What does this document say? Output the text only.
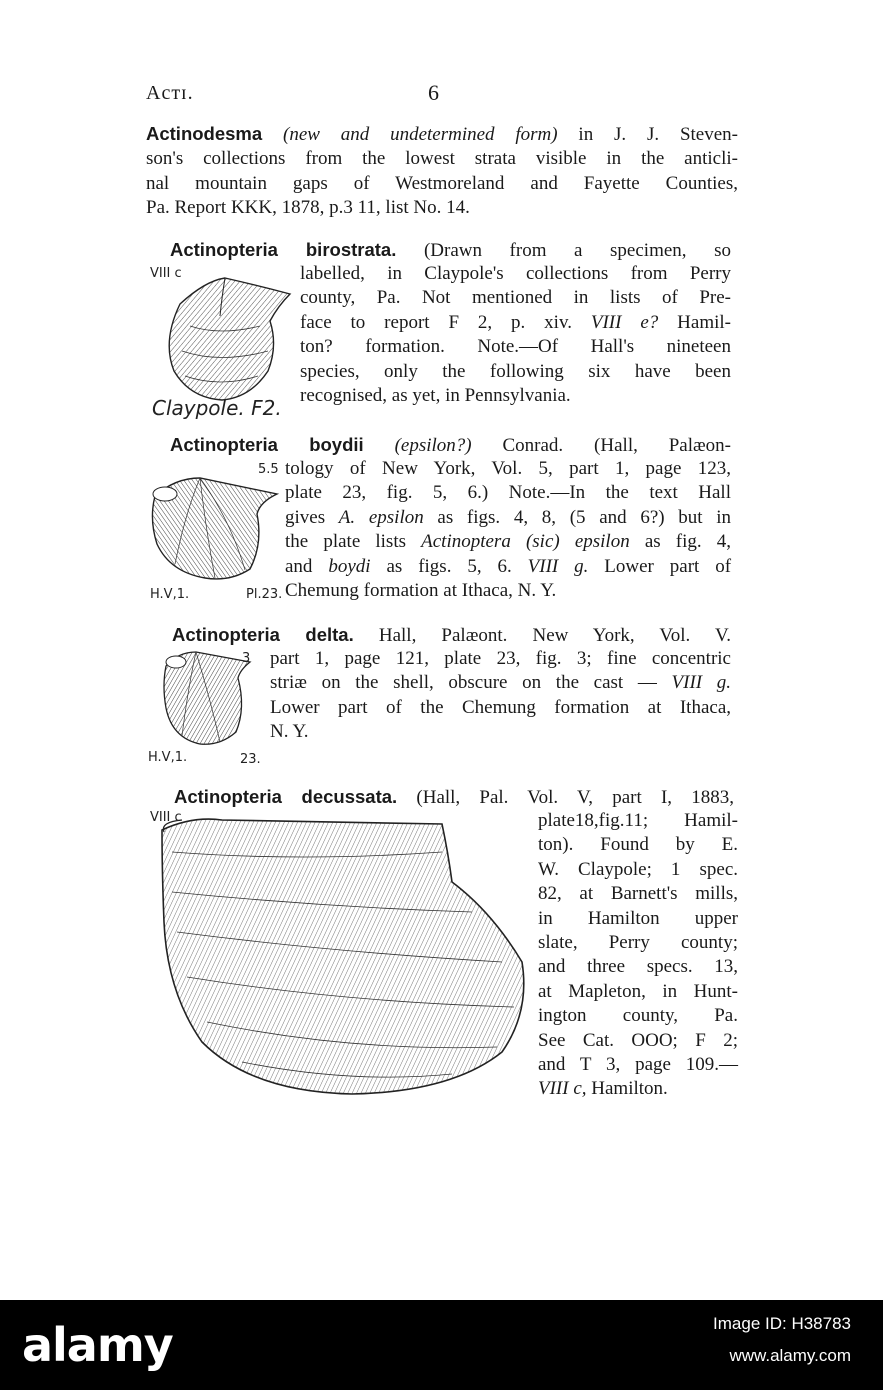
Acᴛɪ.	6
Actinodesma (new and undetermined form) in J. J. Steven-
son's collections from the lowest strata visible in the anticli-
nal mountain gaps of Westmoreland and Fayette Counties,
Pa. Report KKK, 1878, p.3 11, list No. 14.
Actinopteria birostrata. (Drawn from a specimen, so
labelled, in Claypole's collections from Perry
county, Pa. Not mentioned in lists of Pre-
face to report F 2, p. xiv. VIII e? Hamil-
ton? formation. Note.—Of Hall's nineteen
species, only the following six have been
recognised, as yet, in Pennsylvania.
VIII c
Claypole. F2.
Actinopteria boydii (epsilon?) Conrad. (Hall, Palæon-
tology of New York, Vol. 5, part 1, page 123,
plate 23, fig. 5, 6.) Note.—In the text Hall
gives A. epsilon as figs. 4, 8, (5 and 6?) but in
the plate lists Actinoptera (sic) epsilon as fig. 4,
and boydi as figs. 5, 6. VIII g. Lower part of
Chemung formation at Ithaca, N. Y.
5.5
H.V,1.	Pl.23.
Actinopteria delta. Hall, Palæont. New York, Vol. V.
part 1, page 121, plate 23, fig. 3; fine concentric
striæ on the shell, obscure on the cast — VIII g.
Lower part of the Chemung formation at Ithaca,
N. Y.
3
H.V,1.	23.
Actinopteria decussata. (Hall, Pal. Vol. V, part I, 1883,
plate18,fig.11; Hamil-
ton). Found by E.
W. Claypole; 1 spec.
82, at Barnett's mills,
in Hamilton upper
slate, Perry county;
and three specs. 13,
at Mapleton, in Hunt-
ington county, Pa.
See Cat. OOO; F 2;
and T 3, page 109.—
VIII c, Hamilton.
VIII c
alamy	Image ID: H38783
www.alamy.com
